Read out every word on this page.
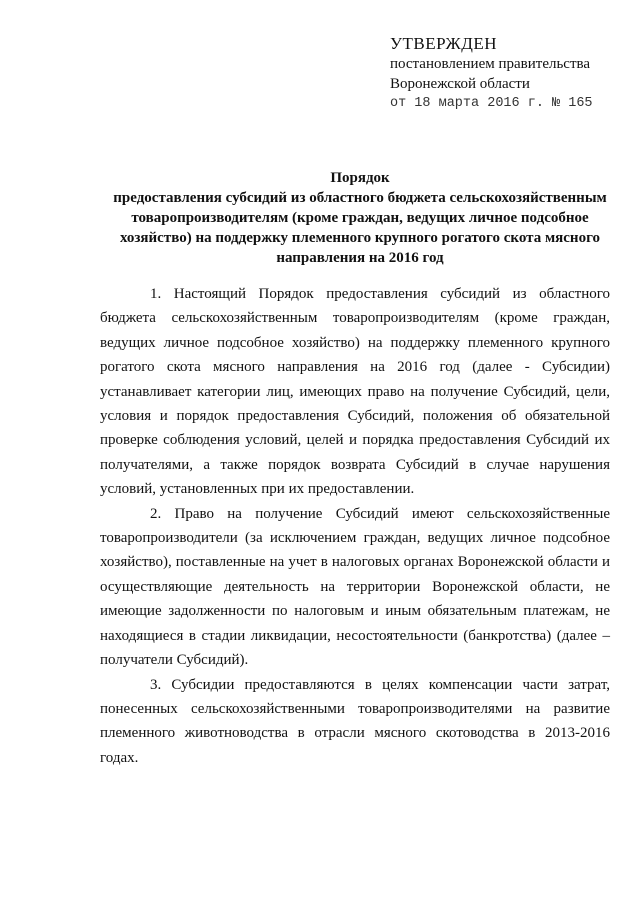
УТВЕРЖДЕН
постановлением правительства
Воронежской области
от 18 марта 2016 г. № 165
Порядок
предоставления субсидий из областного бюджета сельскохозяйственным товаропроизводителям (кроме граждан, ведущих личное подсобное хозяйство) на поддержку племенного крупного рогатого скота мясного направления на 2016 год

1. Настоящий Порядок предоставления субсидий из областного бюджета сельскохозяйственным товаропроизводителям (кроме граждан, ведущих личное подсобное хозяйство) на поддержку племенного крупного рогатого скота мясного направления на 2016 год (далее - Субсидии) устанавливает категории лиц, имеющих право на получение Субсидий, цели, условия и порядок предоставления Субсидий, положения об обязательной проверке соблюдения условий, целей и порядка предоставления Субсидий их получателями, а также порядок возврата Субсидий в случае нарушения условий, установленных при их предоставлении.

2. Право на получение Субсидий имеют сельскохозяйственные товаропроизводители (за исключением граждан, ведущих личное подсобное хозяйство), поставленные на учет в налоговых органах Воронежской области и осуществляющие деятельность на территории Воронежской области, не имеющие задолженности по налоговым и иным обязательным платежам, не находящиеся в стадии ликвидации, несостоятельности (банкротства) (далее – получатели Субсидий).

3. Субсидии предоставляются в целях компенсации части затрат, понесенных сельскохозяйственными товаропроизводителями на развитие племенного животноводства в отрасли мясного скотоводства в 2013-2016 годах.
